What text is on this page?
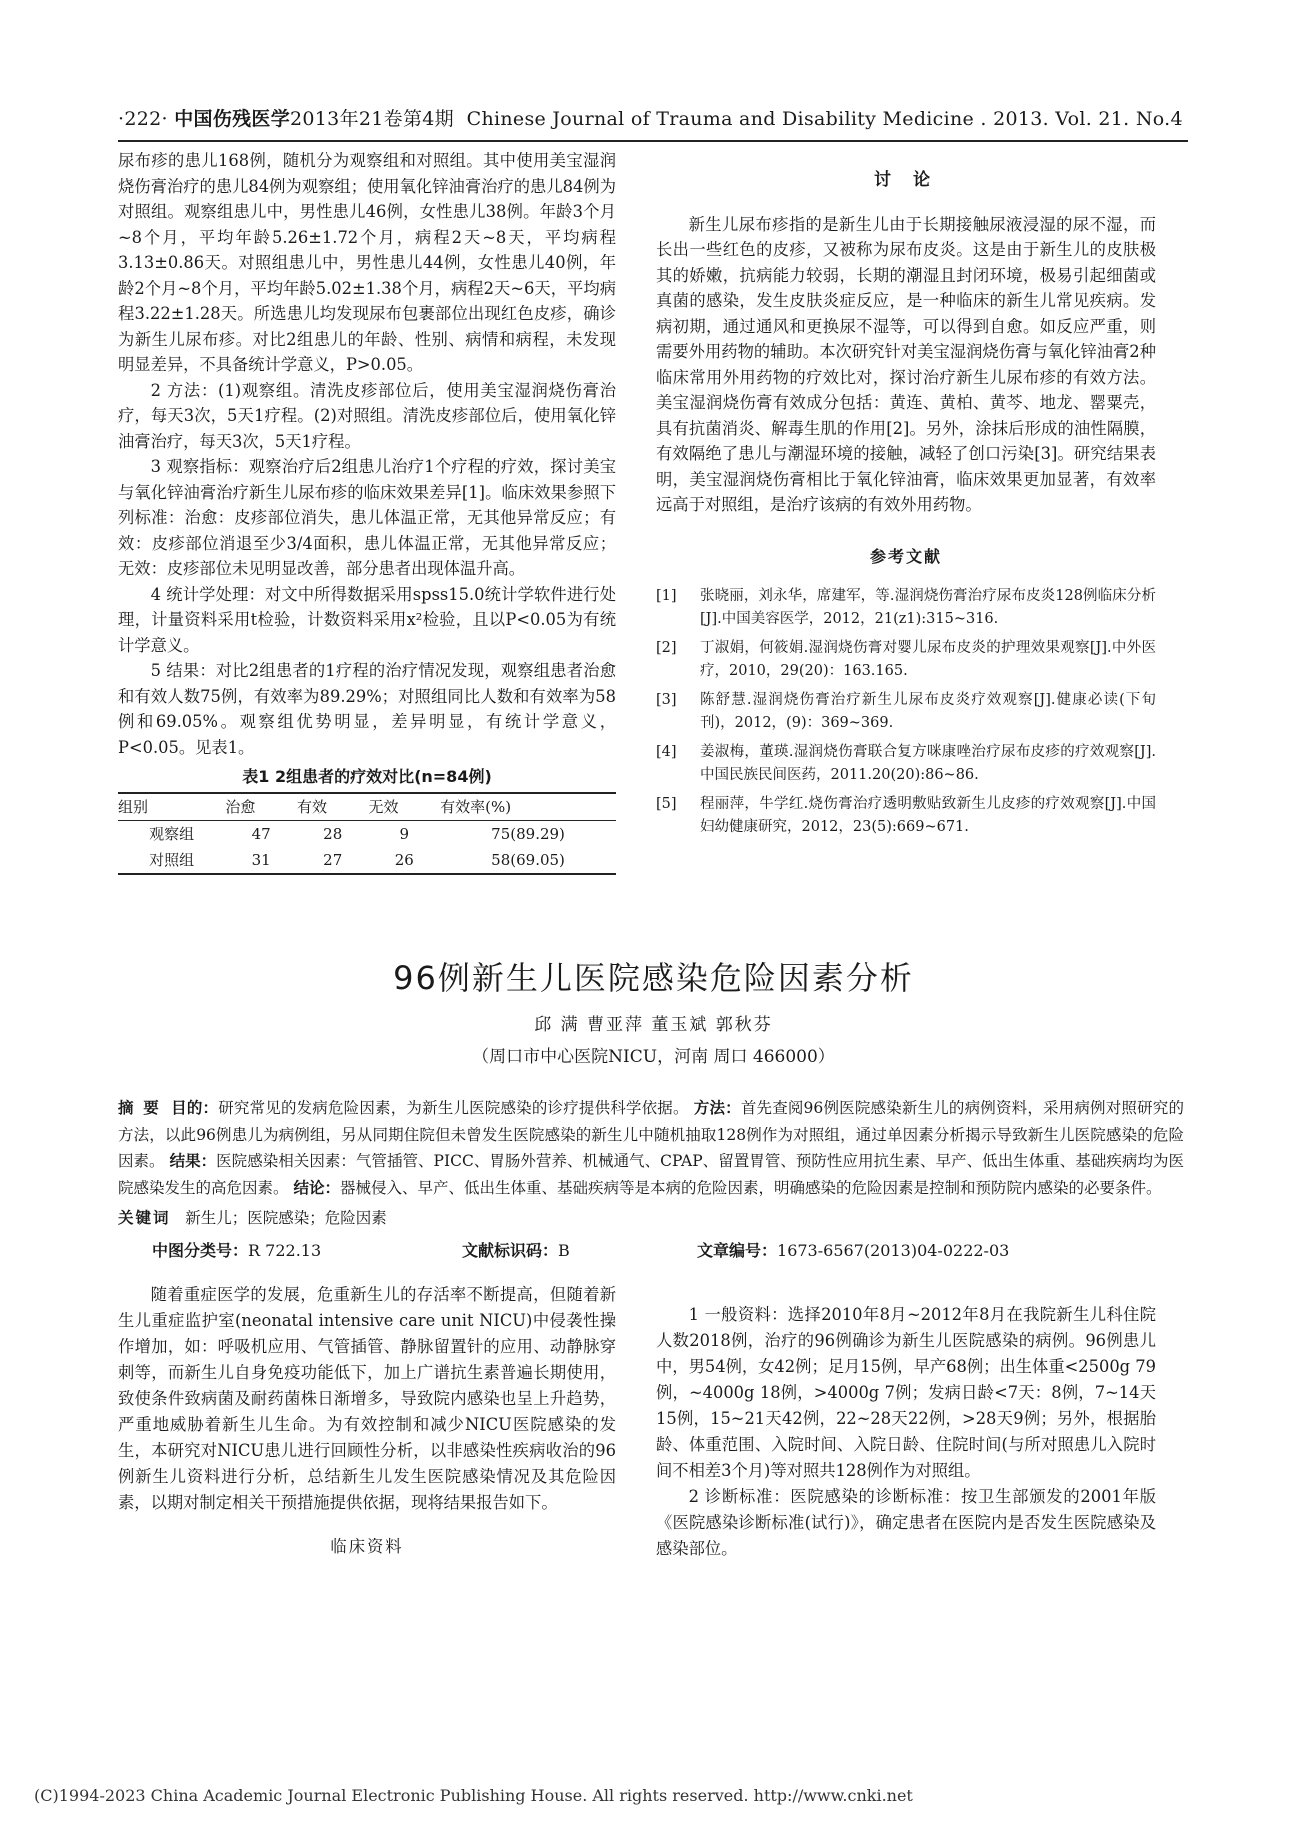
·222· 中国伤残医学2013年21卷第4期 Chinese Journal of Trauma and Disability Medicine . 2013. Vol. 21. No.4

尿布疹的患儿168例，随机分为观察组和对照组。其中使用美宝湿润烧伤膏治疗的患儿84例为观察组；使用氧化锌油膏治疗的患儿84例为对照组。观察组患儿中，男性患儿46例，女性患儿38例。年龄3个月~8个月，平均年龄5.26±1.72个月，病程2天~8天，平均病程3.13±0.86天。对照组患儿中，男性患儿44例，女性患儿40例，年龄2个月~8个月，平均年龄5.02±1.38个月，病程2天~6天，平均病程3.22±1.28天。所选患儿均发现尿布包裹部位出现红色皮疹，确诊为新生儿尿布疹。对比2组患儿的年龄、性别、病情和病程，未发现明显差异，不具备统计学意义，P>0.05。

2 方法：(1)观察组。清洗皮疹部位后，使用美宝湿润烧伤膏治疗，每天3次，5天1疗程。(2)对照组。清洗皮疹部位后，使用氧化锌油膏治疗，每天3次，5天1疗程。

3 观察指标：观察治疗后2组患儿治疗1个疗程的疗效，探讨美宝与氧化锌油膏治疗新生儿尿布疹的临床效果差异[1]。临床效果参照下列标准：治愈：皮疹部位消失，患儿体温正常，无其他异常反应；有效：皮疹部位消退至少3/4面积，患儿体温正常，无其他异常反应；无效：皮疹部位未见明显改善，部分患者出现体温升高。

4 统计学处理：对文中所得数据采用spss15.0统计学软件进行处理，计量资料采用t检验，计数资料采用x²检验，且以P<0.05为有统计学意义。

5 结果：对比2组患者的1疗程的治疗情况发现，观察组患者治愈和有效人数75例，有效率为89.29%；对照组同比人数和有效率为58例和69.05%。观察组优势明显，差异明显，有统计学意义，P<0.05。见表1。

表1 2组患者的疗效对比(n=84例)

组别	治愈	有效	无效	有效率(%)
观察组	47	28	9	75(89.29)
对照组	31	27	26	58(69.05)

讨 论

新生儿尿布疹指的是新生儿由于长期接触尿液浸湿的尿不湿，而长出一些红色的皮疹，又被称为尿布皮炎。这是由于新生儿的皮肤极其的娇嫩，抗病能力较弱，长期的潮湿且封闭环境，极易引起细菌或真菌的感染，发生皮肤炎症反应，是一种临床的新生儿常见疾病。发病初期，通过通风和更换尿不湿等，可以得到自愈。如反应严重，则需要外用药物的辅助。本次研究针对美宝湿润烧伤膏与氧化锌油膏2种临床常用外用药物的疗效比对，探讨治疗新生儿尿布疹的有效方法。美宝湿润烧伤膏有效成分包括：黄连、黄柏、黄芩、地龙、罂粟壳，具有抗菌消炎、解毒生肌的作用[2]。另外，涂抹后形成的油性隔膜，有效隔绝了患儿与潮湿环境的接触，减轻了创口污染[3]。研究结果表明，美宝湿润烧伤膏相比于氧化锌油膏，临床效果更加显著，有效率远高于对照组，是治疗该病的有效外用药物。

参考文献

[1]	张晓丽，刘永华，席建军，等.湿润烧伤膏治疗尿布皮炎128例临床分析[J].中国美容医学，2012，21(z1):315~316.
[2]	丁淑娟，何筱娟.湿润烧伤膏对婴儿尿布皮炎的护理效果观察[J].中外医疗，2010，29(20)：163.165.
[3]	陈舒慧.湿润烧伤膏治疗新生儿尿布皮炎疗效观察[J].健康必读(下旬刊)，2012，(9)：369~369.
[4]	姜淑梅，董瑛.湿润烧伤膏联合复方咪康唑治疗尿布皮疹的疗效观察[J].中国民族民间医药，2011.20(20):86~86.
[5]	程丽萍，牛学红.烧伤膏治疗透明敷贴致新生儿皮疹的疗效观察[J].中国妇幼健康研究，2012，23(5):669~671.
96例新生儿医院感染危险因素分析
邱 满 曹亚萍 董玉斌 郭秋芬
（周口市中心医院NICU，河南 周口 466000）

摘 要 目的：研究常见的发病危险因素，为新生儿医院感染的诊疗提供科学依据。 方法：首先查阅96例医院感染新生儿的病例资料，采用病例对照研究的方法，以此96例患儿为病例组，另从同期住院但未曾发生医院感染的新生儿中随机抽取128例作为对照组，通过单因素分析揭示导致新生儿医院感染的危险因素。 结果：医院感染相关因素：气管插管、PICC、胃肠外营养、机械通气、CPAP、留置胃管、预防性应用抗生素、早产、低出生体重、基础疾病均为医院感染发生的高危因素。 结论：器械侵入、早产、低出生体重、基础疾病等是本病的危险因素，明确感染的危险因素是控制和预防院内感染的必要条件。

关键词 新生儿；医院感染；危险因素

中图分类号：R 722.13	文献标识码：B	文章编号：1673-6567(2013)04-0222-03

随着重症医学的发展，危重新生儿的存活率不断提高，但随着新生儿重症监护室(neonatal intensive care unit NICU)中侵袭性操作增加，如：呼吸机应用、气管插管、静脉留置针的应用、动静脉穿刺等，而新生儿自身免疫功能低下，加上广谱抗生素普遍长期使用，致使条件致病菌及耐药菌株日渐增多，导致院内感染也呈上升趋势，严重地威胁着新生儿生命。为有效控制和减少NICU医院感染的发生，本研究对NICU患儿进行回顾性分析，以非感染性疾病收治的96例新生儿资料进行分析，总结新生儿发生医院感染情况及其危险因素，以期对制定相关干预措施提供依据，现将结果报告如下。

临床资料

1 一般资料：选择2010年8月~2012年8月在我院新生儿科住院人数2018例，治疗的96例确诊为新生儿医院感染的病例。96例患儿中，男54例，女42例；足月15例，早产68例；出生体重<2500g 79例，~4000g 18例，>4000g 7例；发病日龄<7天：8例，7~14天15例，15~21天42例，22~28天22例，>28天9例；另外，根据胎龄、体重范围、入院时间、入院日龄、住院时间(与所对照患儿入院时间不相差3个月)等对照共128例作为对照组。

2 诊断标准：医院感染的诊断标准：按卫生部颁发的2001年版《医院感染诊断标准(试行)》，确定患者在医院内是否发生医院感染及感染部位。

(C)1994-2023 China Academic Journal Electronic Publishing House. All rights reserved. http://www.cnki.net
